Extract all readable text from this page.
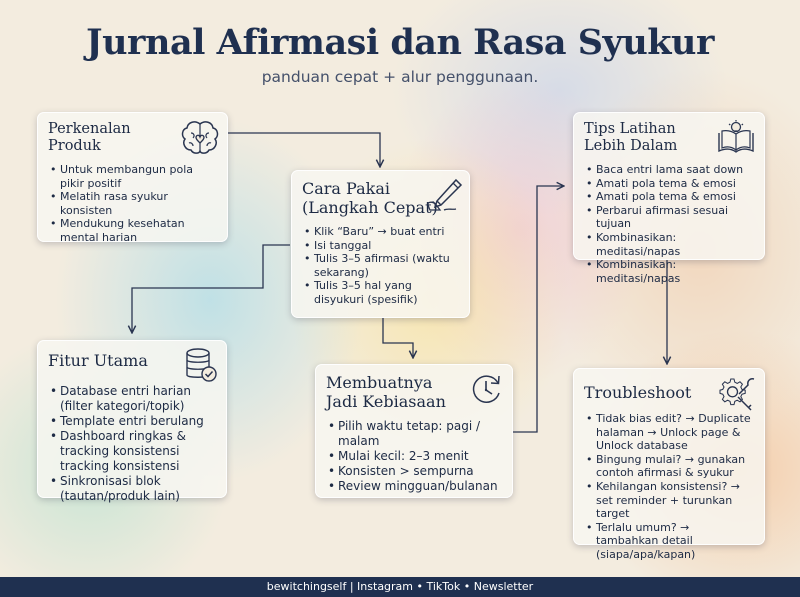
Jurnal Afirmasi dan Rasa Syukur

panduan cepat + alur penggunaan.

Perkenalan
Produk
• Untuk membangun pola pikir positif
• Melatih rasa syukur konsisten
• Mendukung kesehatan mental harian
Cara Pakai
(Langkah Cepat)
• Klik “Baru” → buat entri
• Isi tanggal
• Tulis 3–5 afirmasi (waktu sekarang)
• Tulis 3–5 hal yang disyukuri (spesifik)
Tips Latihan
Lebih Dalam
• Baca entri lama saat down
• Amati pola tema & emosi
• Amati pola tema & emosi
• Perbarui afirmasi sesuai tujuan
• Kombinasikan: meditasi/napas
• Kombinasikan: meditasi/napas
Fitur Utama
• Database entri harian (filter kategori/topik)
• Template entri berulang
• Dashboard ringkas & tracking konsistensi tracking konsistensi
• Sinkronisasi blok (tautan/produk lain)
Membuatnya
Jadi Kebiasaan
• Pilih waktu tetap: pagi / malam
• Mulai kecil: 2–3 menit
• Konsisten > sempurna
• Review mingguan/bulanan
Troubleshoot
• Tidak bias edit? → Duplicate halaman → Unlock page & Unlock database
• Bingung mulai? → gunakan contoh afirmasi & syukur
• Kehilangan konsistensi? → set reminder + turunkan target
• Terlalu umum? → tambahkan detail (siapa/apa/kapan)
bewitchingself | Instagram • TikTok • Newsletter
